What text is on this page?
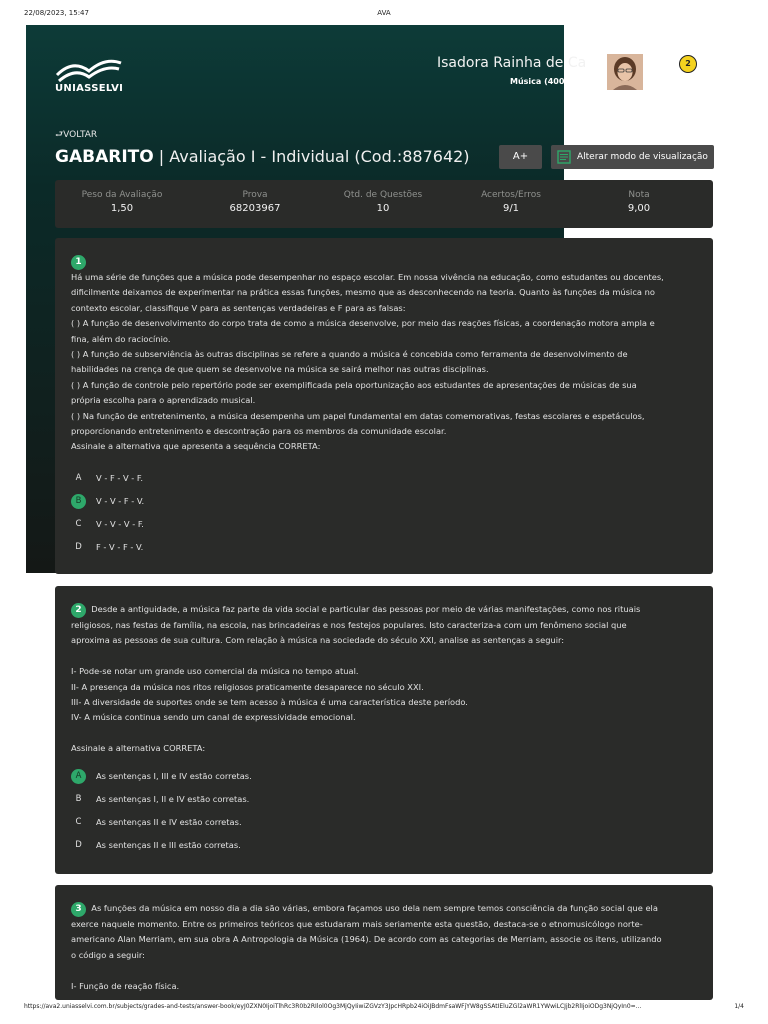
22/08/2023, 15:47	AVA
UNIASSELVI
Isadora Rainha de Ca
Música (400
2
⮐VOLTAR
GABARITO | Avaliação I - Individual (Cod.:887642)	A+	Alterar modo de visualização
Peso da Avaliação
1,50
Prova
68203967
Qtd. de Questões
10
Acertos/Erros
9/1
Nota
9,00
1

Há uma série de funções que a música pode desempenhar no espaço escolar. Em nossa vivência na educação, como estudantes ou docentes,

dificilmente deixamos de experimentar na prática essas funções, mesmo que as desconhecendo na teoria. Quanto às funções da música no

contexto escolar, classifique V para as sentenças verdadeiras e F para as falsas:

( ) A função de desenvolvimento do corpo trata de como a música desenvolve, por meio das reações físicas, a coordenação motora ampla e

fina, além do raciocínio.

( ) A função de subserviência às outras disciplinas se refere a quando a música é concebida como ferramenta de desenvolvimento de

habilidades na crença de que quem se desenvolve na música se sairá melhor nas outras disciplinas.

( ) A função de controle pelo repertório pode ser exemplificada pela oportunização aos estudantes de apresentações de músicas de sua

própria escolha para o aprendizado musical.

( ) Na função de entretenimento, a música desempenha um papel fundamental em datas comemorativas, festas escolares e espetáculos,

proporcionando entretenimento e descontração para os membros da comunidade escolar.

Assinale a alternativa que apresenta a sequência CORRETA:

A	V - F - V - F.
B	V - V - F - V.
C	V - V - V - F.
D	F - V - F - V.

2 Desde a antiguidade, a música faz parte da vida social e particular das pessoas por meio de várias manifestações, como nos rituais

religiosos, nas festas de família, na escola, nas brincadeiras e nos festejos populares. Isto caracteriza-a com um fenômeno social que

aproxima as pessoas de sua cultura. Com relação à música na sociedade do século XXI, analise as sentenças a seguir:

I- Pode-se notar um grande uso comercial da música no tempo atual.

II- A presença da música nos ritos religiosos praticamente desaparece no século XXI.

III- A diversidade de suportes onde se tem acesso à música é uma característica deste período.

IV- A música continua sendo um canal de expressividade emocional.

Assinale a alternativa CORRETA:

A	As sentenças I, III e IV estão corretas.
B	As sentenças I, II e IV estão corretas.
C	As sentenças II e IV estão corretas.
D	As sentenças II e III estão corretas.

3 As funções da música em nosso dia a dia são várias, embora façamos uso dela nem sempre temos consciência da função social que ela

exerce naquele momento. Entre os primeiros teóricos que estudaram mais seriamente esta questão, destaca-se o etnomusicólogo norte-

americano Alan Merriam, em sua obra A Antropologia da Música (1964). De acordo com as categorias de Merriam, associe os itens, utilizando

o código a seguir:

I- Função de reação física.

https://ava2.uniasselvi.com.br/subjects/grades-and-tests/answer-book/eyJ0ZXN0IjoiTlhRc3R0b2RIlol0Og3MjQyIiwiZGVzY3JpcHRpb24iOiJBdmFsaWFjYW8gSSAtIEluZGl2aWR1YWwiLCJjb2RlIjoiODg3NjQyIn0=...	1/4
